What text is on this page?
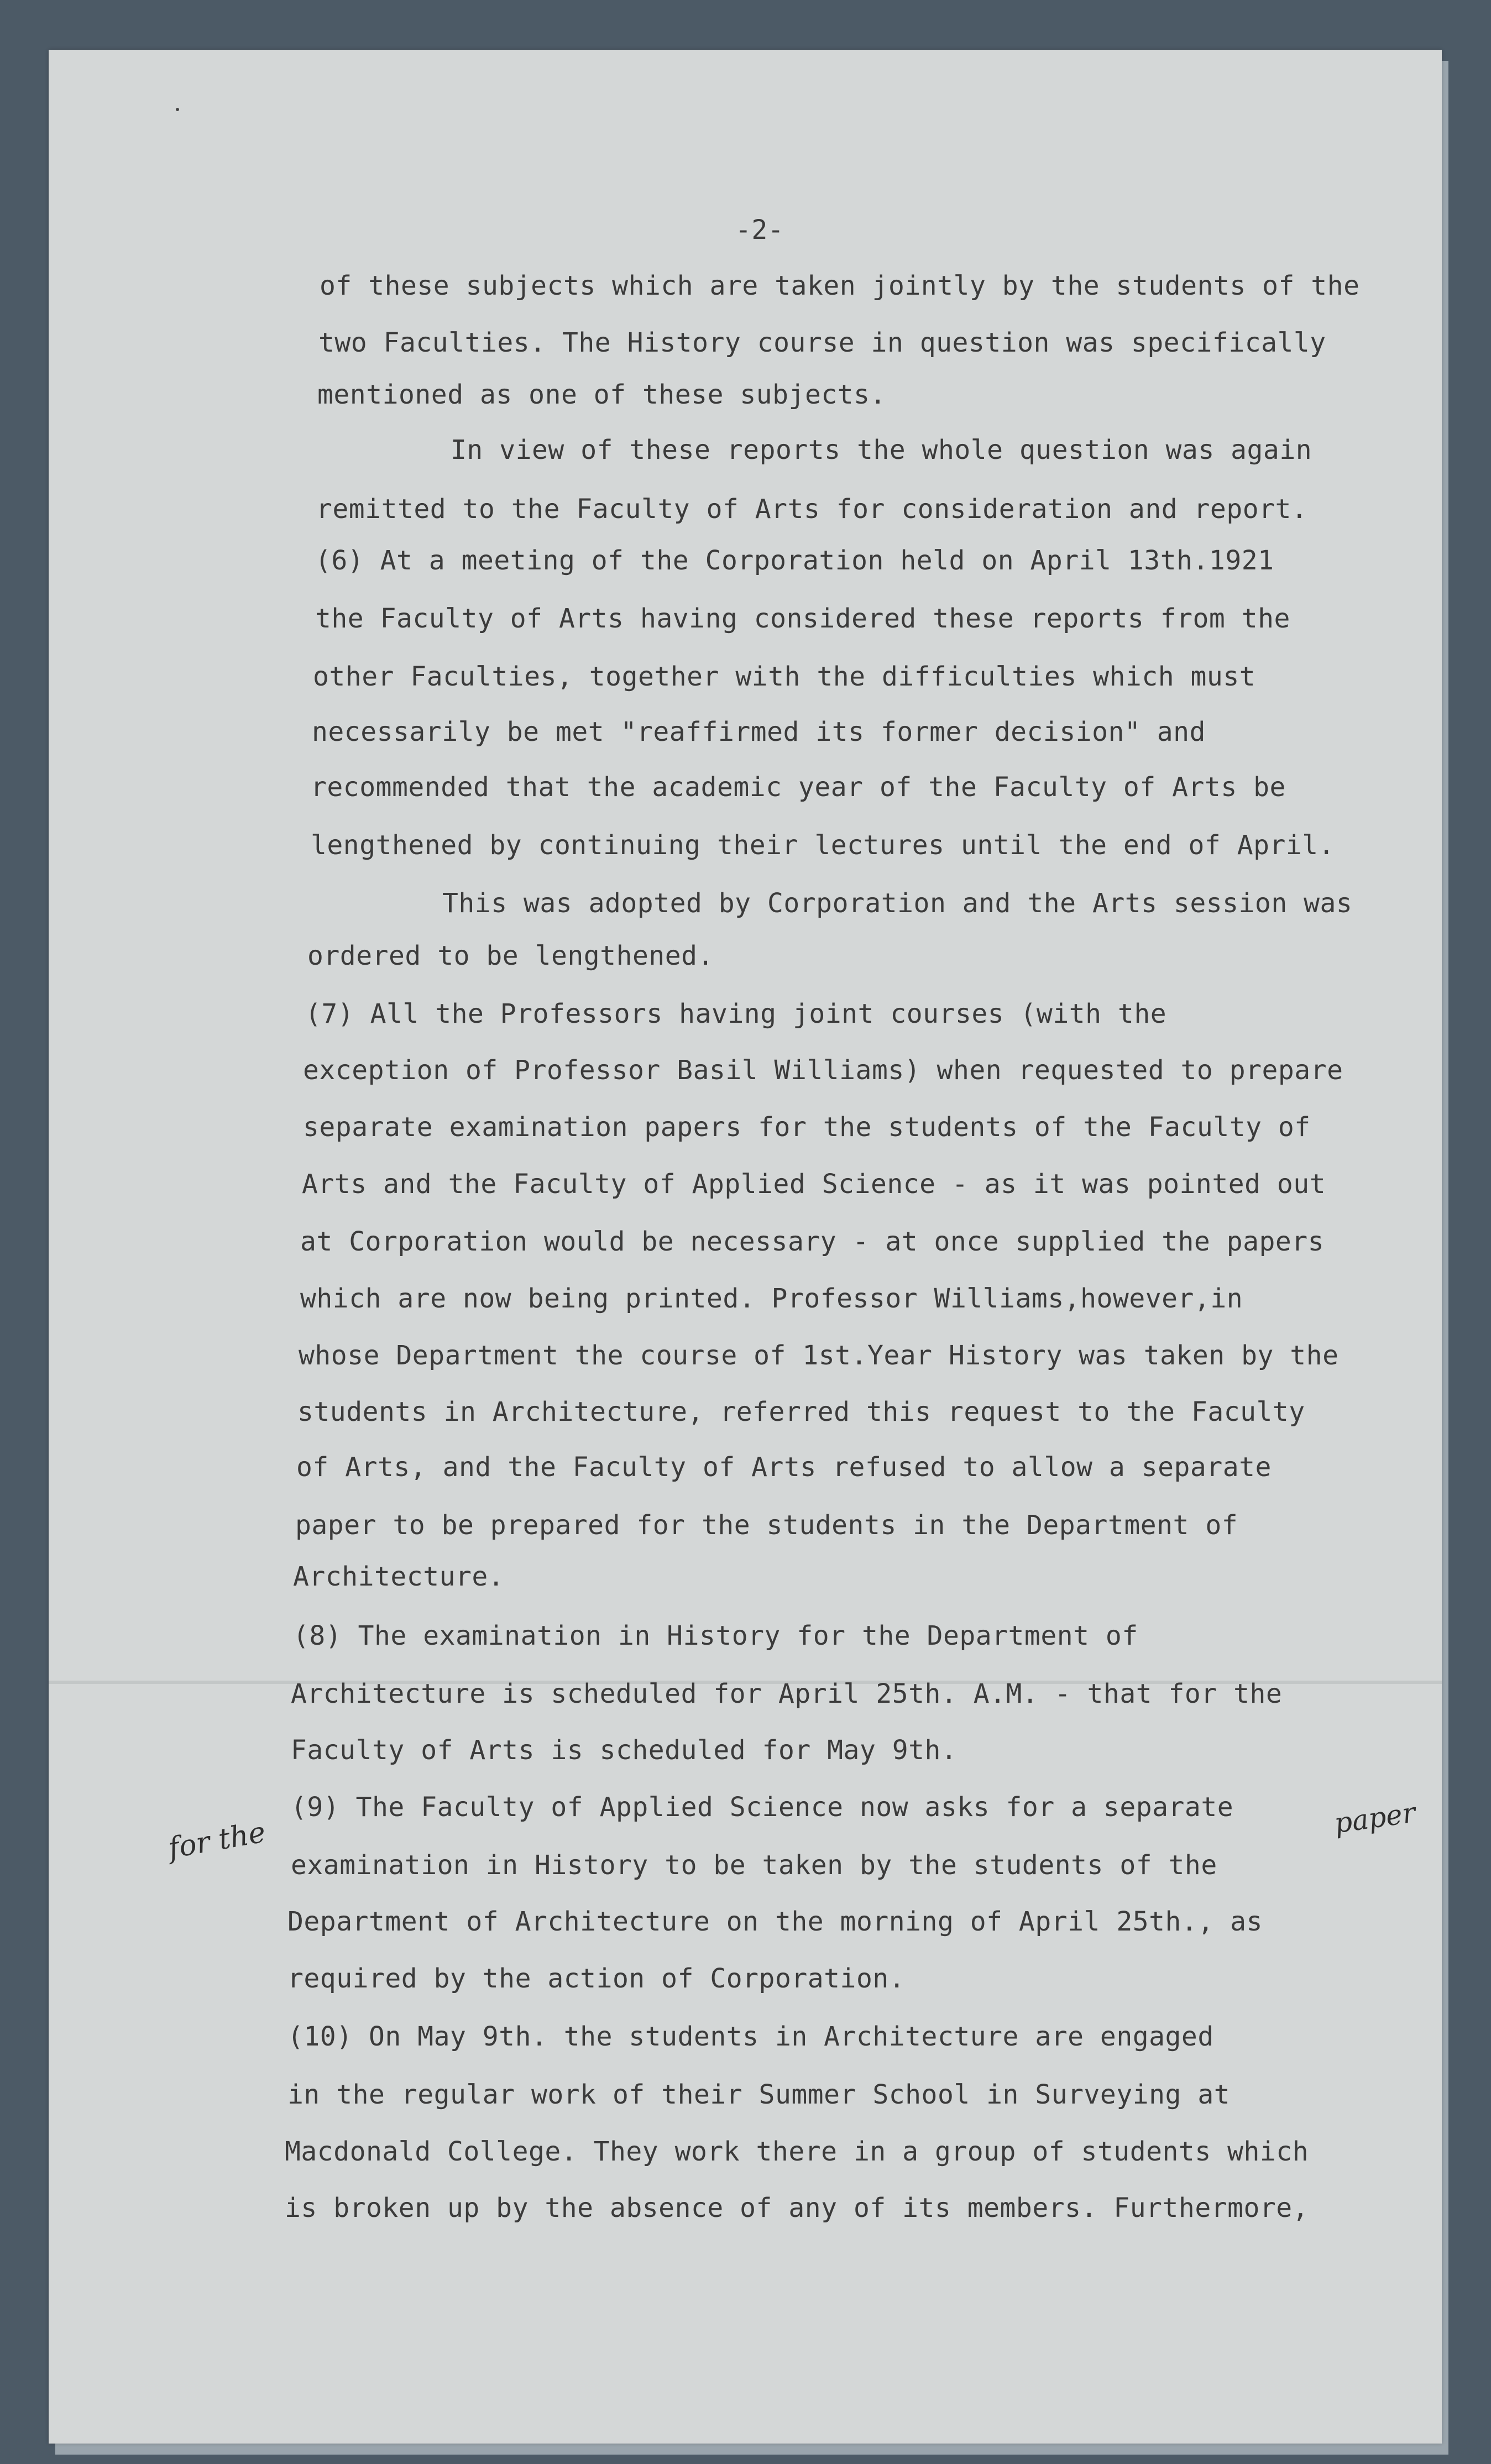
-2-
of these subjects which are taken jointly by the students of the
two Faculties. The History course in question was specifically
mentioned as one of these subjects.
In view of these reports the whole question was again
remitted to the Faculty of Arts for consideration and report.
(6) At a meeting of the Corporation held on April 13th.1921
the Faculty of Arts having considered these reports from the
other Faculties, together with the difficulties which must
necessarily be met "reaffirmed its former decision" and
recommended that the academic year of the Faculty of Arts be
lengthened by continuing their lectures until the end of April.
This was adopted by Corporation and the Arts session was
ordered to be lengthened.
(7) All the Professors having joint courses (with the
exception of Professor Basil Williams) when requested to prepare
separate examination papers for the students of the Faculty of
Arts and the Faculty of Applied Science - as it was pointed out
at Corporation would be necessary - at once supplied the papers
which are now being printed. Professor Williams,however,in
whose Department the course of 1st.Year History was taken by the
students in Architecture, referred this request to the Faculty
of Arts, and the Faculty of Arts refused to allow a separate
paper to be prepared for the students in the Department of
Architecture.
(8) The examination in History for the Department of
Architecture is scheduled for April 25th. A.M. - that for the
Faculty of Arts is scheduled for May 9th.
(9) The Faculty of Applied Science now asks for a separate
examination in History to be taken by the students of the
Department of Architecture on the morning of April 25th., as
required by the action of Corporation.
(10) On May 9th. the students in Architecture are engaged
in the regular work of their Summer School in Surveying at
Macdonald College. They work there in a group of students which
is broken up by the absence of any of its members. Furthermore,
for the	paper
